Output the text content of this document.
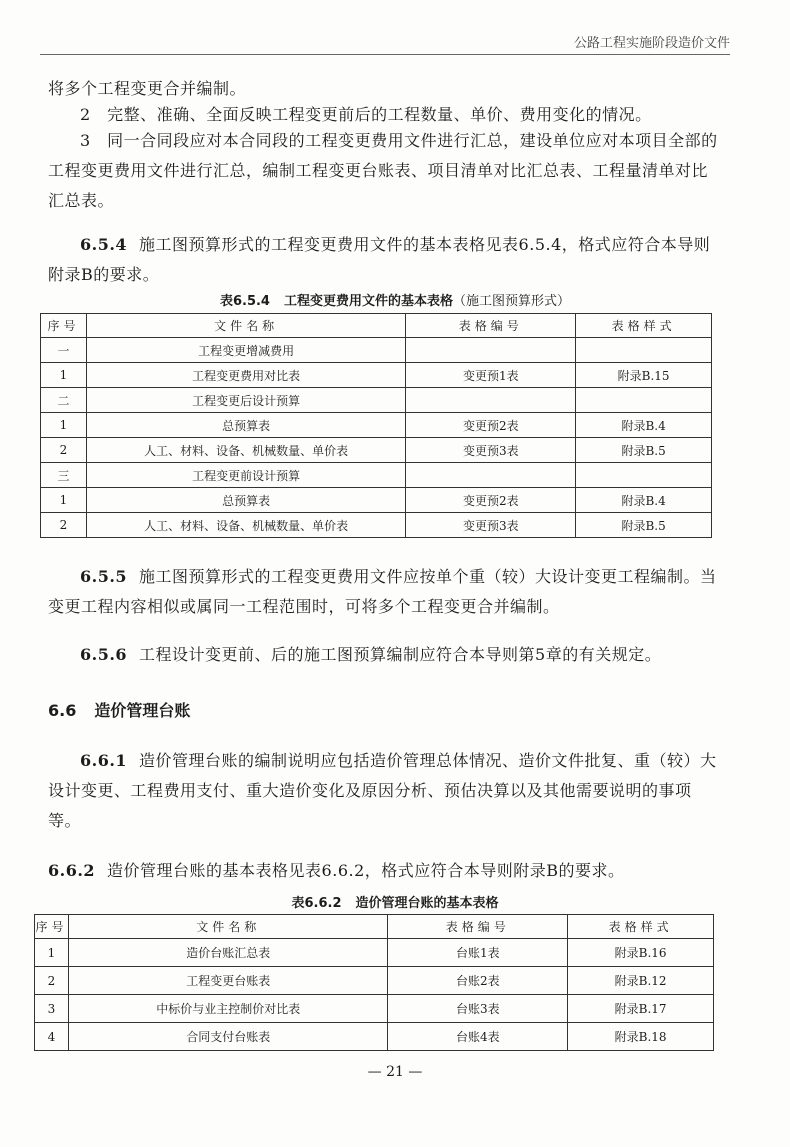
公路工程实施阶段造价文件
将多个工程变更合并编制。
2　完整、准确、全面反映工程变更前后的工程数量、单价、费用变化的情况。
3　同一合同段应对本合同段的工程变更费用文件进行汇总，建设单位应对本项目全部的工程变更费用文件进行汇总，编制工程变更台账表、项目清单对比汇总表、工程量清单对比汇总表。
6.5.4 施工图预算形式的工程变更费用文件的基本表格见表6.5.4，格式应符合本导则附录B的要求。
表6.5.4 工程变更费用文件的基本表格（施工图预算形式）
序号	文件名称	表格编号	表格样式
一	工程变更增减费用		
1	工程变更费用对比表	变更预1表	附录B.15
二	工程变更后设计预算		
1	总预算表	变更预2表	附录B.4
2	人工、材料、设备、机械数量、单价表	变更预3表	附录B.5
三	工程变更前设计预算		
1	总预算表	变更预2表	附录B.4
2	人工、材料、设备、机械数量、单价表	变更预3表	附录B.5
6.5.5 施工图预算形式的工程变更费用文件应按单个重（较）大设计变更工程编制。当变更工程内容相似或属同一工程范围时，可将多个工程变更合并编制。
6.5.6 工程设计变更前、后的施工图预算编制应符合本导则第5章的有关规定。
6.6 造价管理台账
6.6.1 造价管理台账的编制说明应包括造价管理总体情况、造价文件批复、重（较）大设计变更、工程费用支付、重大造价变化及原因分析、预估决算以及其他需要说明的事项等。
6.6.2 造价管理台账的基本表格见表6.6.2，格式应符合本导则附录B的要求。
表6.6.2 造价管理台账的基本表格
序号	文件名称	表格编号	表格样式
1	造价台账汇总表	台账1表	附录B.16
2	工程变更台账表	台账2表	附录B.12
3	中标价与业主控制价对比表	台账3表	附录B.17
4	合同支付台账表	台账4表	附录B.18
— 21 —
